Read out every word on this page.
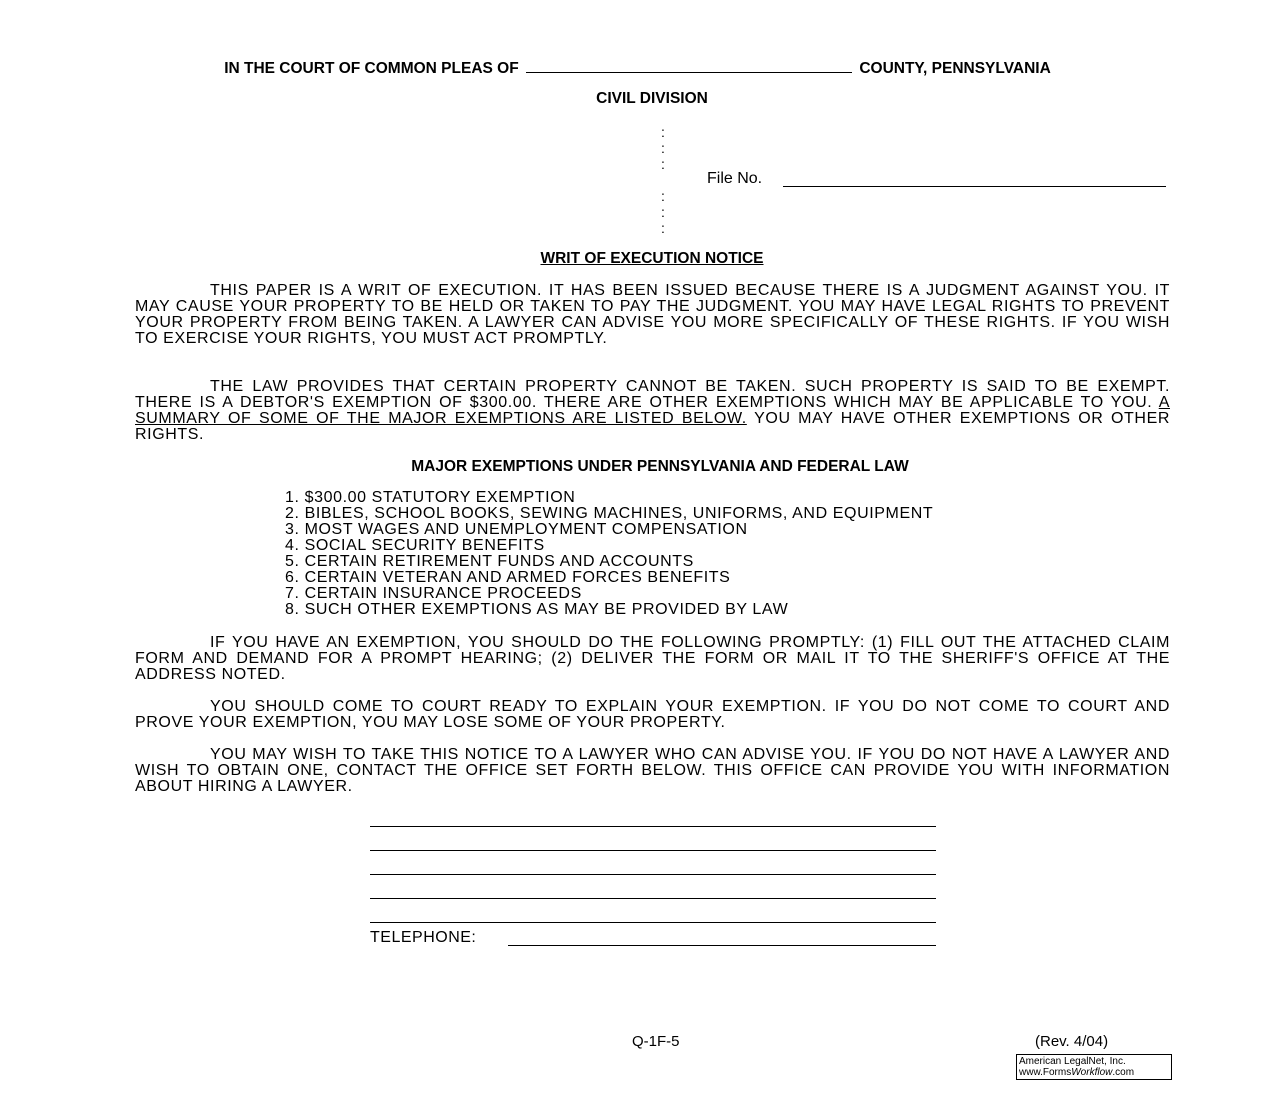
IN THE COURT OF COMMON PLEAS OF	COUNTY, PENNSYLVANIA
CIVIL DIVISION
:
:
:
:
:
:
File No.
WRIT OF EXECUTION NOTICE

THIS PAPER IS A WRIT OF EXECUTION. IT HAS BEEN ISSUED BECAUSE THERE IS A JUDGMENT AGAINST YOU. IT MAY CAUSE YOUR PROPERTY TO BE HELD OR TAKEN TO PAY THE JUDGMENT. YOU MAY HAVE LEGAL RIGHTS TO PREVENT YOUR PROPERTY FROM BEING TAKEN. A LAWYER CAN ADVISE YOU MORE SPECIFICALLY OF THESE RIGHTS. IF YOU WISH TO EXERCISE YOUR RIGHTS, YOU MUST ACT PROMPTLY.

THE LAW PROVIDES THAT CERTAIN PROPERTY CANNOT BE TAKEN. SUCH PROPERTY IS SAID TO BE EXEMPT. THERE IS A DEBTOR'S EXEMPTION OF $300.00. THERE ARE OTHER EXEMPTIONS WHICH MAY BE APPLICABLE TO YOU. A SUMMARY OF SOME OF THE MAJOR EXEMPTIONS ARE LISTED BELOW. YOU MAY HAVE OTHER EXEMPTIONS OR OTHER RIGHTS.

MAJOR EXEMPTIONS UNDER PENNSYLVANIA AND FEDERAL LAW
1. $300.00 STATUTORY EXEMPTION
2. BIBLES, SCHOOL BOOKS, SEWING MACHINES, UNIFORMS, AND EQUIPMENT
3. MOST WAGES AND UNEMPLOYMENT COMPENSATION
4. SOCIAL SECURITY BENEFITS
5. CERTAIN RETIREMENT FUNDS AND ACCOUNTS
6. CERTAIN VETERAN AND ARMED FORCES BENEFITS
7. CERTAIN INSURANCE PROCEEDS
8. SUCH OTHER EXEMPTIONS AS MAY BE PROVIDED BY LAW

IF YOU HAVE AN EXEMPTION, YOU SHOULD DO THE FOLLOWING PROMPTLY: (1) FILL OUT THE ATTACHED CLAIM FORM AND DEMAND FOR A PROMPT HEARING; (2) DELIVER THE FORM OR MAIL IT TO THE SHERIFF'S OFFICE AT THE ADDRESS NOTED.

YOU SHOULD COME TO COURT READY TO EXPLAIN YOUR EXEMPTION. IF YOU DO NOT COME TO COURT AND PROVE YOUR EXEMPTION, YOU MAY LOSE SOME OF YOUR PROPERTY.

YOU MAY WISH TO TAKE THIS NOTICE TO A LAWYER WHO CAN ADVISE YOU. IF YOU DO NOT HAVE A LAWYER AND WISH TO OBTAIN ONE, CONTACT THE OFFICE SET FORTH BELOW. THIS OFFICE CAN PROVIDE YOU WITH INFORMATION ABOUT HIRING A LAWYER.

TELEPHONE:
Q-1F-5	(Rev. 4/04)
American LegalNet, Inc.
www.FormsWorkflow.com
